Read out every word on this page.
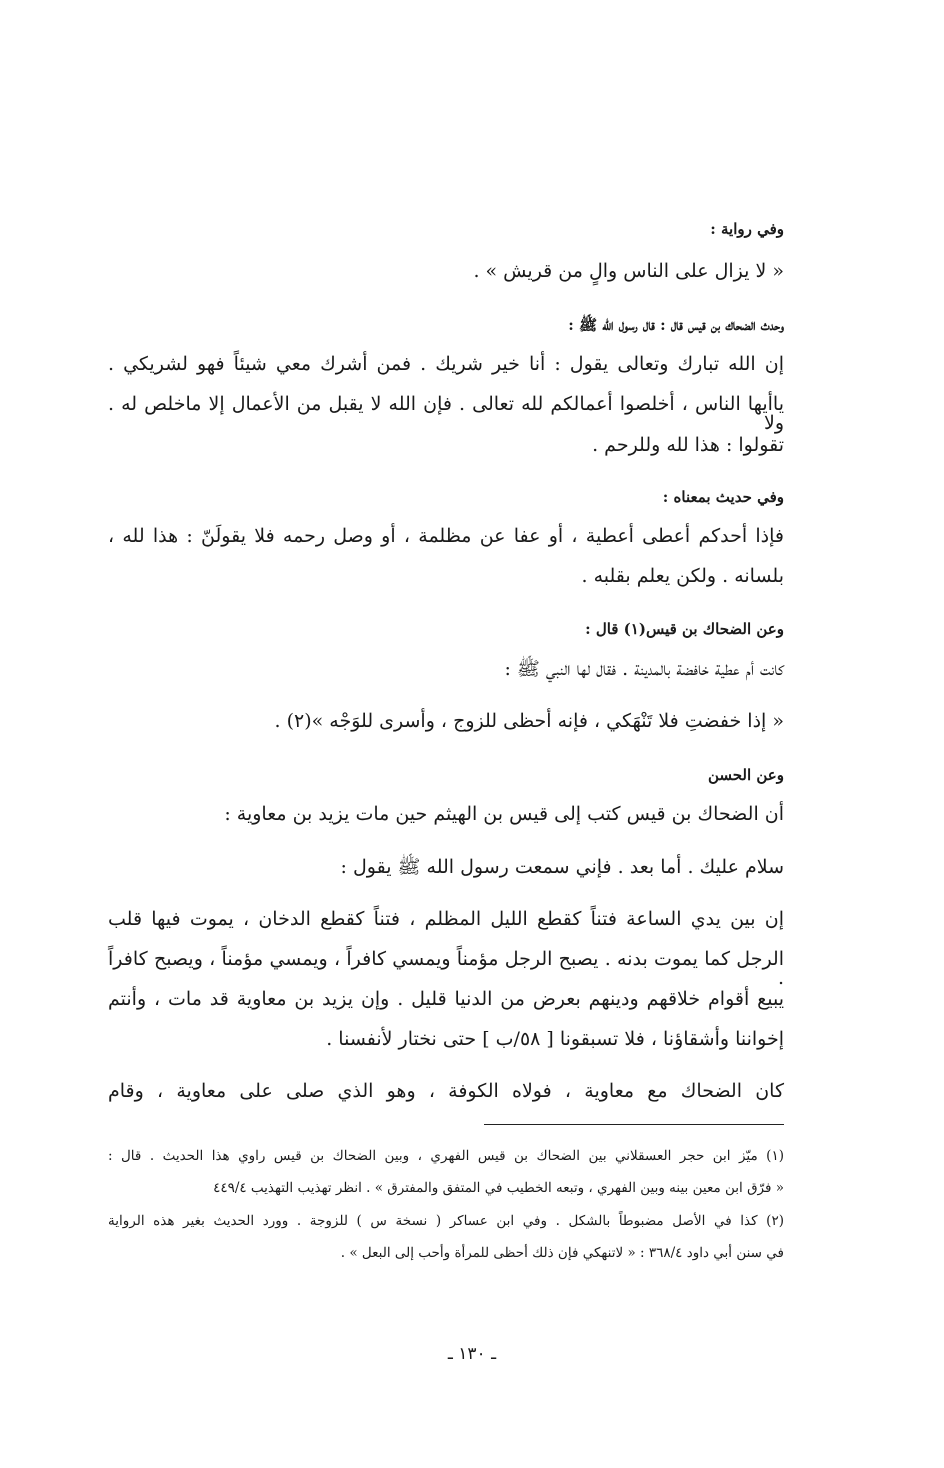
وفي رواية :
« لا يزال على الناس والٍ من قريش » .
وحدث الضحاك بن قيس قال : قال رسول الله ﷺ :
إن الله تبارك وتعالى يقول : أنا خير شريك . فمن أشرك معي شيئاً فهو لشريكي .
ياأيها الناس ، أخلصوا أعمالكم لله تعالى . فإن الله لا يقبل من الأعمال إلا ماخلص له . ولا
تقولوا : هذا لله وللرحم .
وفي حديث بمعناه :
فإذا أحدكم أعطى أعطية ، أو عفا عن مظلمة ، أو وصل رحمه فلا يقولَنّ : هذا لله ،
بلسانه . ولكن يعلم بقلبه .
وعن الضحاك بن قيس(١) قال :
كانت أم عطية خافضة بالمدينة . فقال لها النبي ﷺ :
« إذا خفضتِ فلا تَنْهَكي ، فإنه أحظى للزوج ، وأسرى للوَجْه »(٢) .
وعن الحسن
أن الضحاك بن قيس كتب إلى قيس بن الهيثم حين مات يزيد بن معاوية :
سلام عليك . أما بعد . فإني سمعت رسول الله ﷺ يقول :
إن بين يدي الساعة فتناً كقطع الليل المظلم ، فتناً كقطع الدخان ، يموت فيها قلب
الرجل كما يموت بدنه . يصبح الرجل مؤمناً ويمسي كافراً ، ويمسي مؤمناً ، ويصبح كافراً .
يبيع أقوام خلاقهم ودينهم بعرض من الدنيا قليل . وإن يزيد بن معاوية قد مات ، وأنتم
إخواننا وأشقاؤنا ، فلا تسبقونا [ ٥٨/ب ] حتى نختار لأنفسنا .
كان الضحاك مع معاوية ، فولاه الكوفة ، وهو الذي صلى على معاوية ، وقام
(١) ميّز ابن حجر العسقلاني بين الضحاك بن قيس الفهري ، وبين الضحاك بن قيس راوي هذا الحديث . قال :
« فرّق ابن معين بينه وبين الفهري ، وتبعه الخطيب في المتفق والمفترق » . انظر تهذيب التهذيب ٤٤٩/٤
(٢) كذا في الأصل مضبوطاً بالشكل . وفي ابن عساكر ( نسخة س ) للزوجة . وورد الحديث بغير هذه الرواية
في سنن أبي داود ٣٦٨/٤ : « لاتنهكي فإن ذلك أحظى للمرأة وأحب إلى البعل » .
ـ ١٣٠ ـ
